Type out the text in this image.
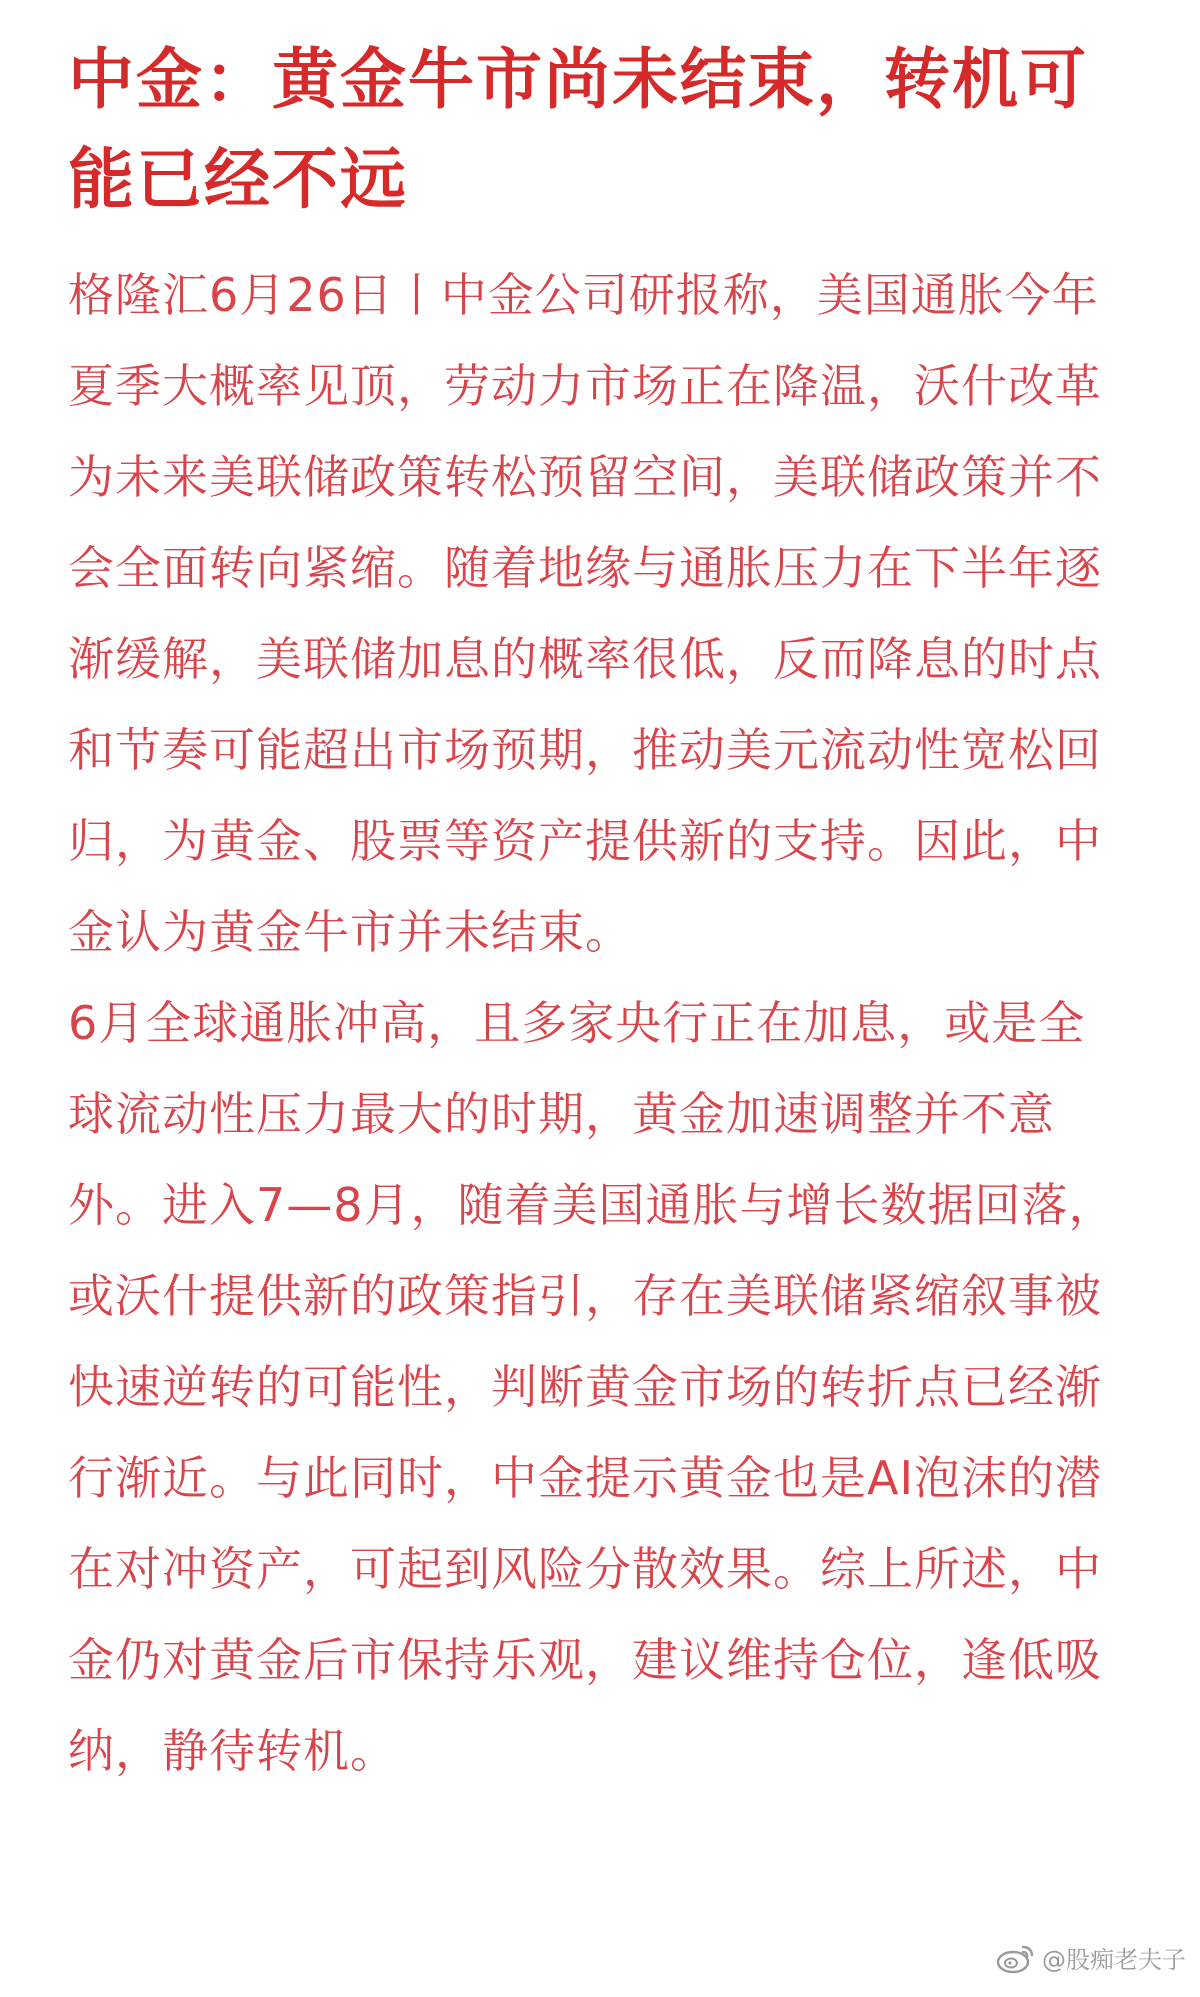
中金：黄金牛市尚未结束，转机可能已经不远

格隆汇6月26日丨中金公司研报称，美国通胀今年夏季大概率见顶，劳动力市场正在降温，沃什改革为未来美联储政策转松预留空间，美联储政策并不会全面转向紧缩。随着地缘与通胀压力在下半年逐渐缓解，美联储加息的概率很低，反而降息的时点和节奏可能超出市场预期，推动美元流动性宽松回归，为黄金、股票等资产提供新的支持。因此，中金认为黄金牛市并未结束。

6月全球通胀冲高，且多家央行正在加息，或是全球流动性压力最大的时期，黄金加速调整并不意外。进入7—8月，随着美国通胀与增长数据回落，或沃什提供新的政策指引，存在美联储紧缩叙事被快速逆转的可能性，判断黄金市场的转折点已经渐行渐近。与此同时，中金提示黄金也是AI泡沫的潜在对冲资产，可起到风险分散效果。综上所述，中金仍对黄金后市保持乐观，建议维持仓位，逢低吸纳，静待转机。

@股痴老夫子
